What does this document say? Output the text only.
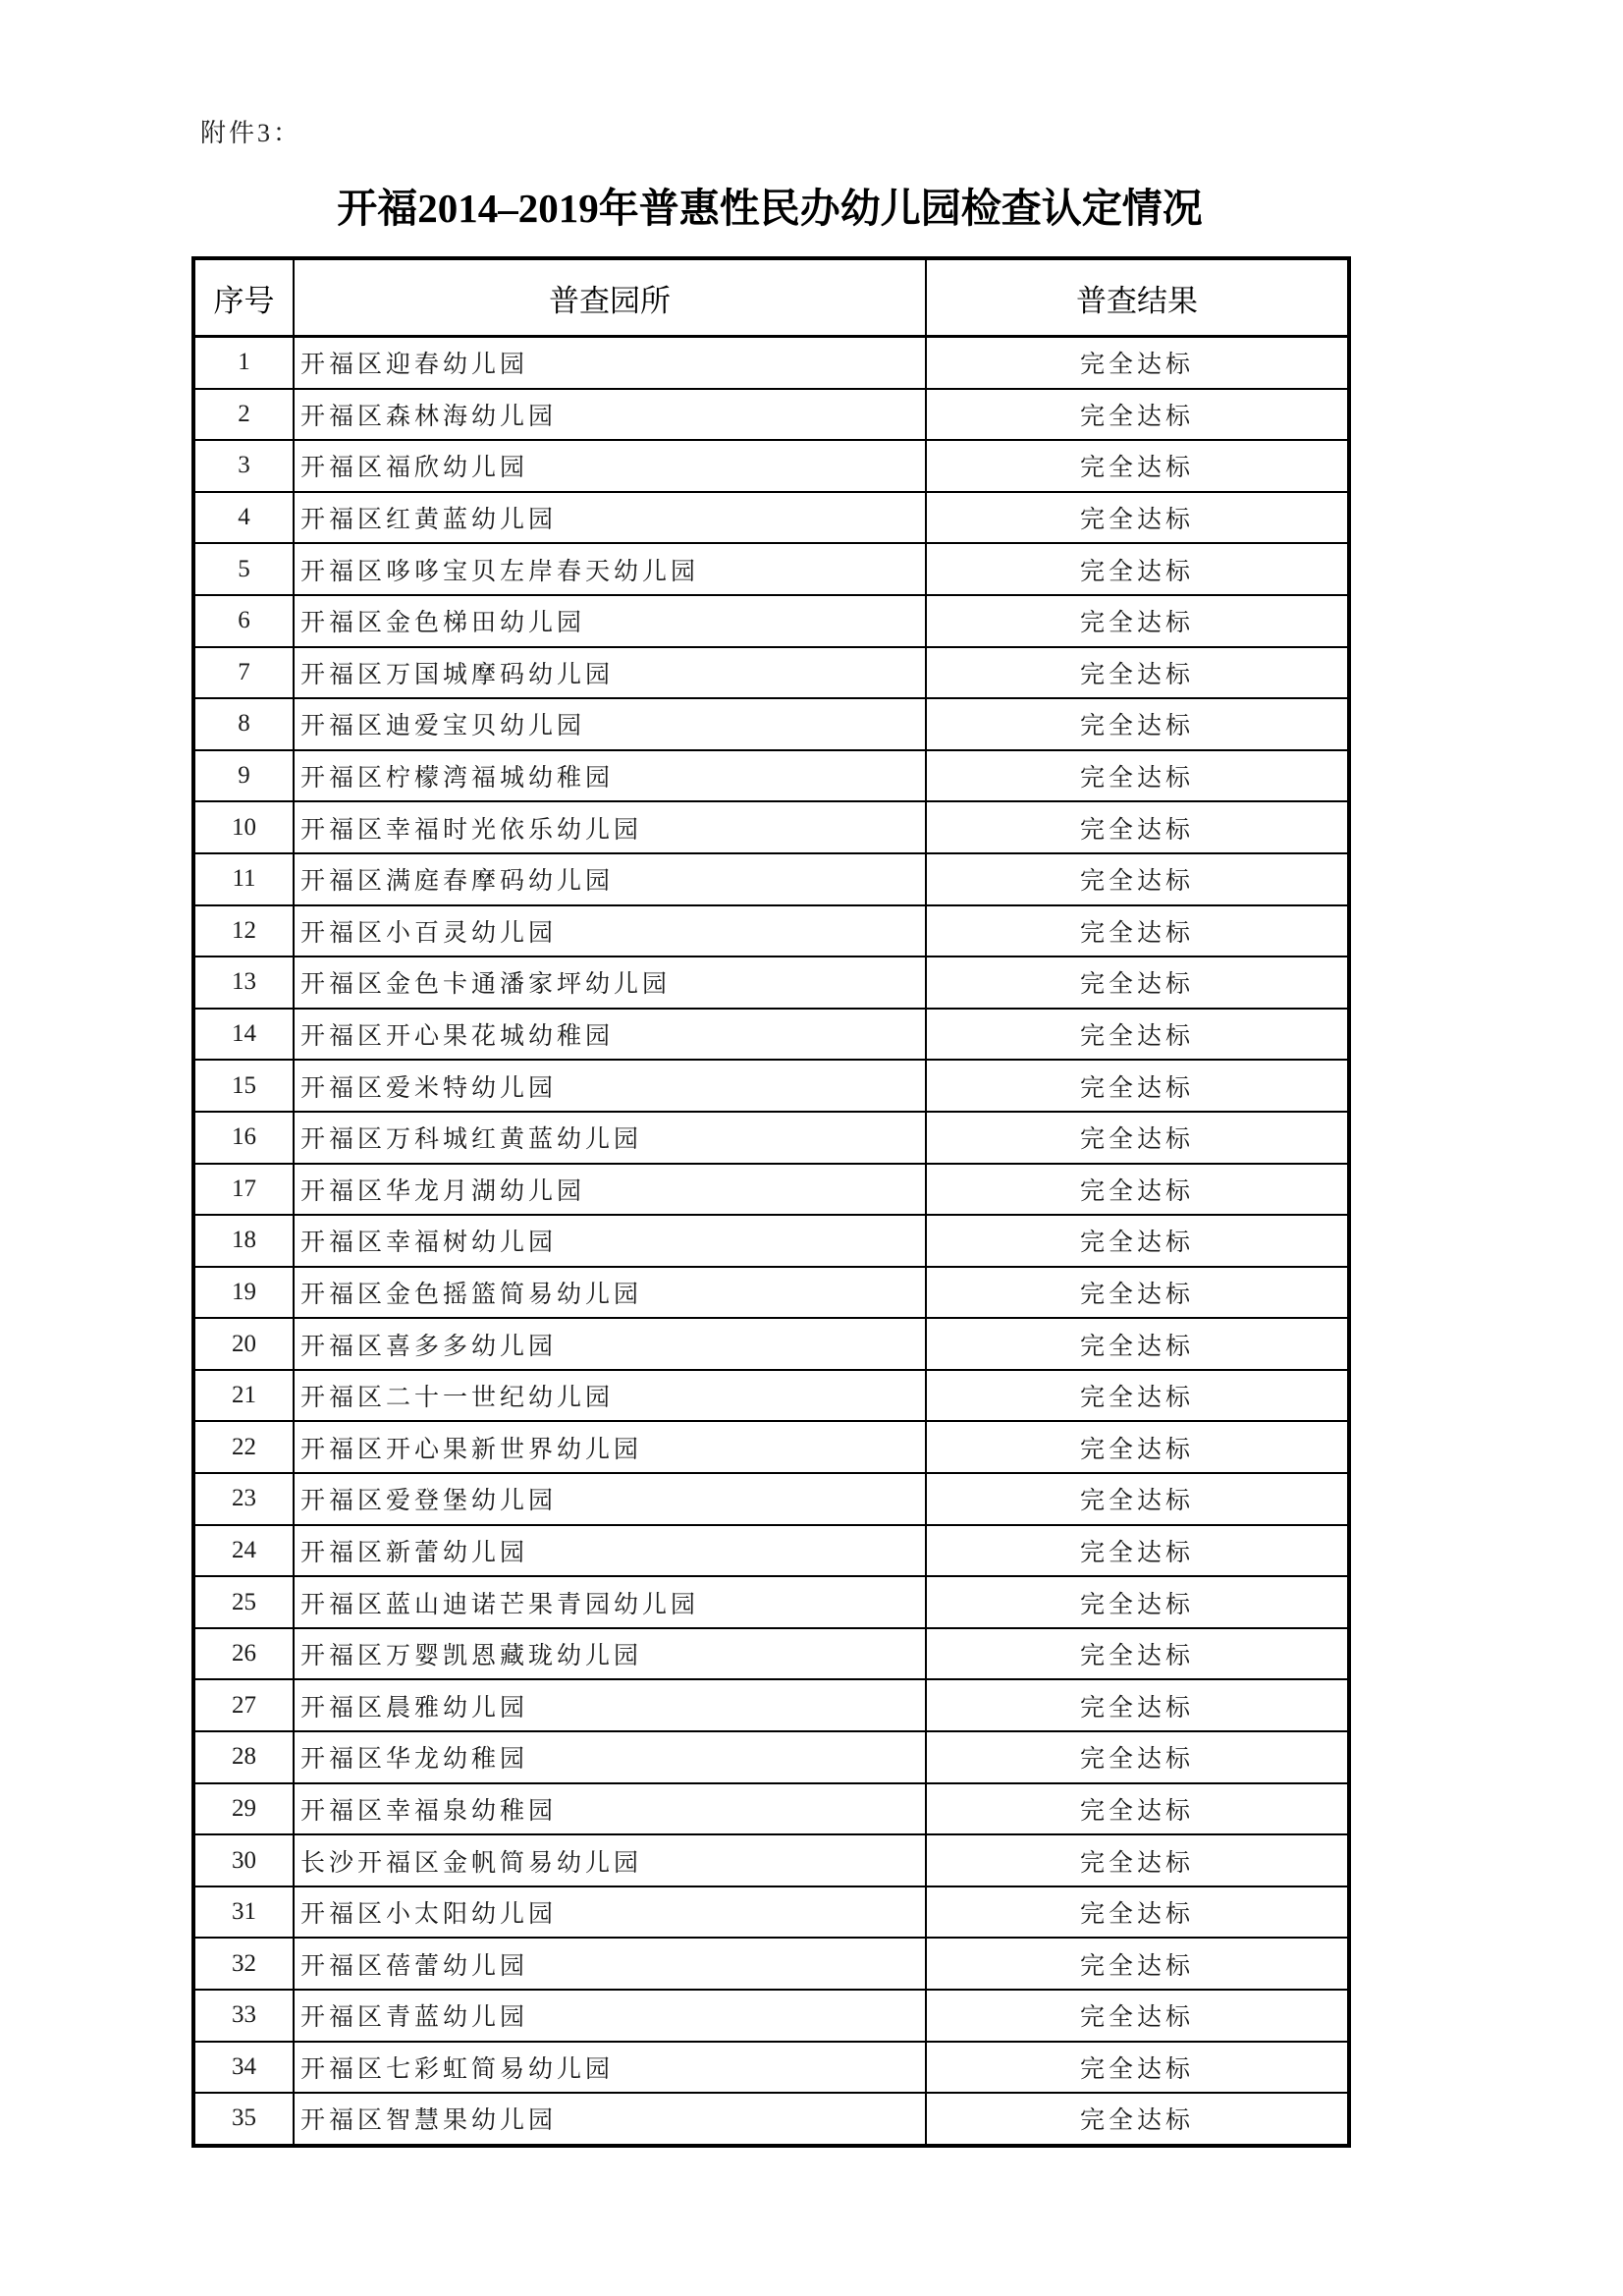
附件3：
开福2014–2019年普惠性民办幼儿园检查认定情况
序号	普查园所	普查结果
1	开福区迎春幼儿园	完全达标
2	开福区森林海幼儿园	完全达标
3	开福区福欣幼儿园	完全达标
4	开福区红黄蓝幼儿园	完全达标
5	开福区哆哆宝贝左岸春天幼儿园	完全达标
6	开福区金色梯田幼儿园	完全达标
7	开福区万国城摩码幼儿园	完全达标
8	开福区迪爱宝贝幼儿园	完全达标
9	开福区柠檬湾福城幼稚园	完全达标
10	开福区幸福时光依乐幼儿园	完全达标
11	开福区满庭春摩码幼儿园	完全达标
12	开福区小百灵幼儿园	完全达标
13	开福区金色卡通潘家坪幼儿园	完全达标
14	开福区开心果花城幼稚园	完全达标
15	开福区爱米特幼儿园	完全达标
16	开福区万科城红黄蓝幼儿园	完全达标
17	开福区华龙月湖幼儿园	完全达标
18	开福区幸福树幼儿园	完全达标
19	开福区金色摇篮简易幼儿园	完全达标
20	开福区喜多多幼儿园	完全达标
21	开福区二十一世纪幼儿园	完全达标
22	开福区开心果新世界幼儿园	完全达标
23	开福区爱登堡幼儿园	完全达标
24	开福区新蕾幼儿园	完全达标
25	开福区蓝山迪诺芒果青园幼儿园	完全达标
26	开福区万婴凯恩藏珑幼儿园	完全达标
27	开福区晨雅幼儿园	完全达标
28	开福区华龙幼稚园	完全达标
29	开福区幸福泉幼稚园	完全达标
30	长沙开福区金帆简易幼儿园	完全达标
31	开福区小太阳幼儿园	完全达标
32	开福区蓓蕾幼儿园	完全达标
33	开福区青蓝幼儿园	完全达标
34	开福区七彩虹简易幼儿园	完全达标
35	开福区智慧果幼儿园	完全达标
